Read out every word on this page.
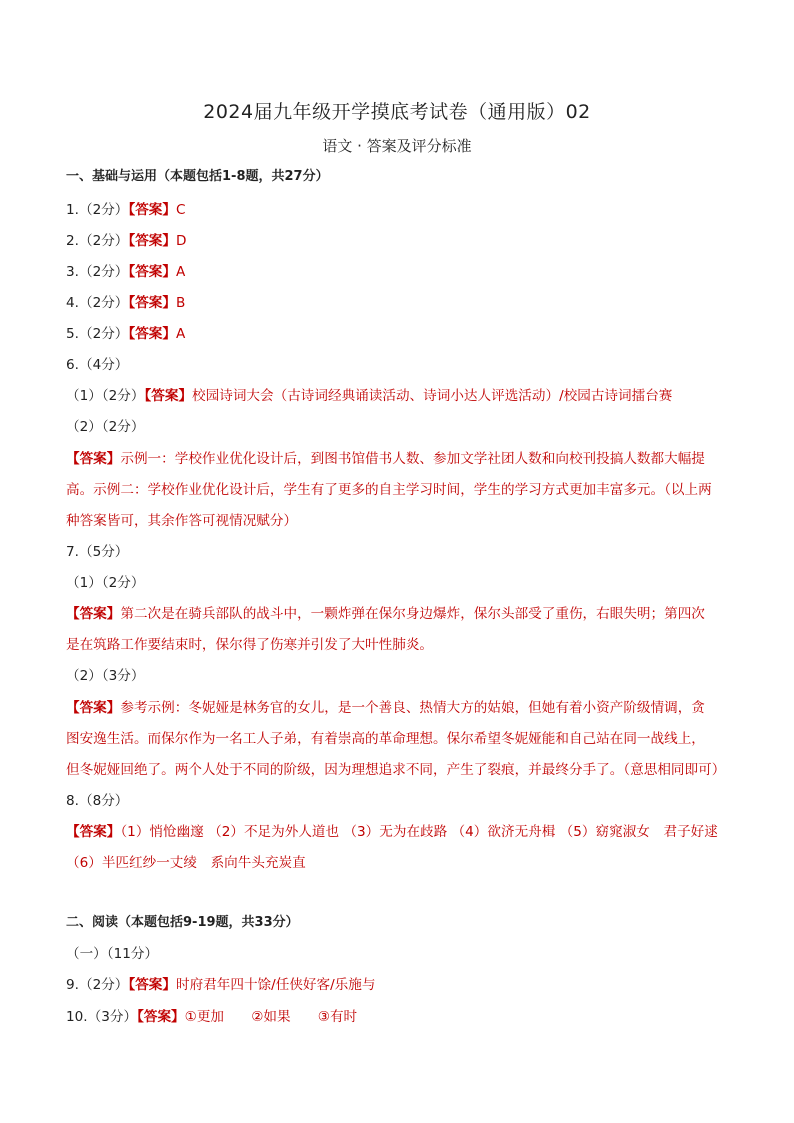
2024届九年级开学摸底考试卷（通用版）02
语文 · 答案及评分标准
一、基础与运用（本题包括1-8题，共27分）
1.（2分）【答案】C
2.（2分）【答案】D
3.（2分）【答案】A
4.（2分）【答案】B
5.（2分）【答案】A
6.（4分）
（1）（2分）【答案】校园诗词大会（古诗词经典诵读活动、诗词小达人评选活动）/校园古诗词擂台赛
（2）（2分）
【答案】示例一：学校作业优化设计后，到图书馆借书人数、参加文学社团人数和向校刊投搞人数都大幅提
高。示例二：学校作业优化设计后，学生有了更多的自主学习时间，学生的学习方式更加丰富多元。（以上两
种答案皆可，其余作答可视情况赋分）
7.（5分）
（1）（2分）
【答案】第二次是在骑兵部队的战斗中，一颗炸弹在保尔身边爆炸，保尔头部受了重伤，右眼失明；第四次
是在筑路工作要结束时，保尔得了伤寒并引发了大叶性肺炎。
（2）（3分）
【答案】参考示例：冬妮娅是林务官的女儿，是一个善良、热情大方的姑娘，但她有着小资产阶级情调，贪
图安逸生活。而保尔作为一名工人子弟，有着崇高的革命理想。保尔希望冬妮娅能和自己站在同一战线上，
但冬妮娅回绝了。两个人处于不同的阶级，因为理想追求不同，产生了裂痕，并最终分手了。（意思相同即可）
8.（8分）
【答案】（1）悄怆幽邃 （2）不足为外人道也 （3）无为在歧路 （4）欲济无舟楫 （5）窈窕淑女　君子好逑
（6）半匹红纱一丈绫　系向牛头充炭直
二、阅读（本题包括9-19题，共33分）
（一）（11分）
9.（2分）【答案】时府君年四十馀/任侠好客/乐施与
10.（3分）【答案】①更加　　②如果　　③有时
